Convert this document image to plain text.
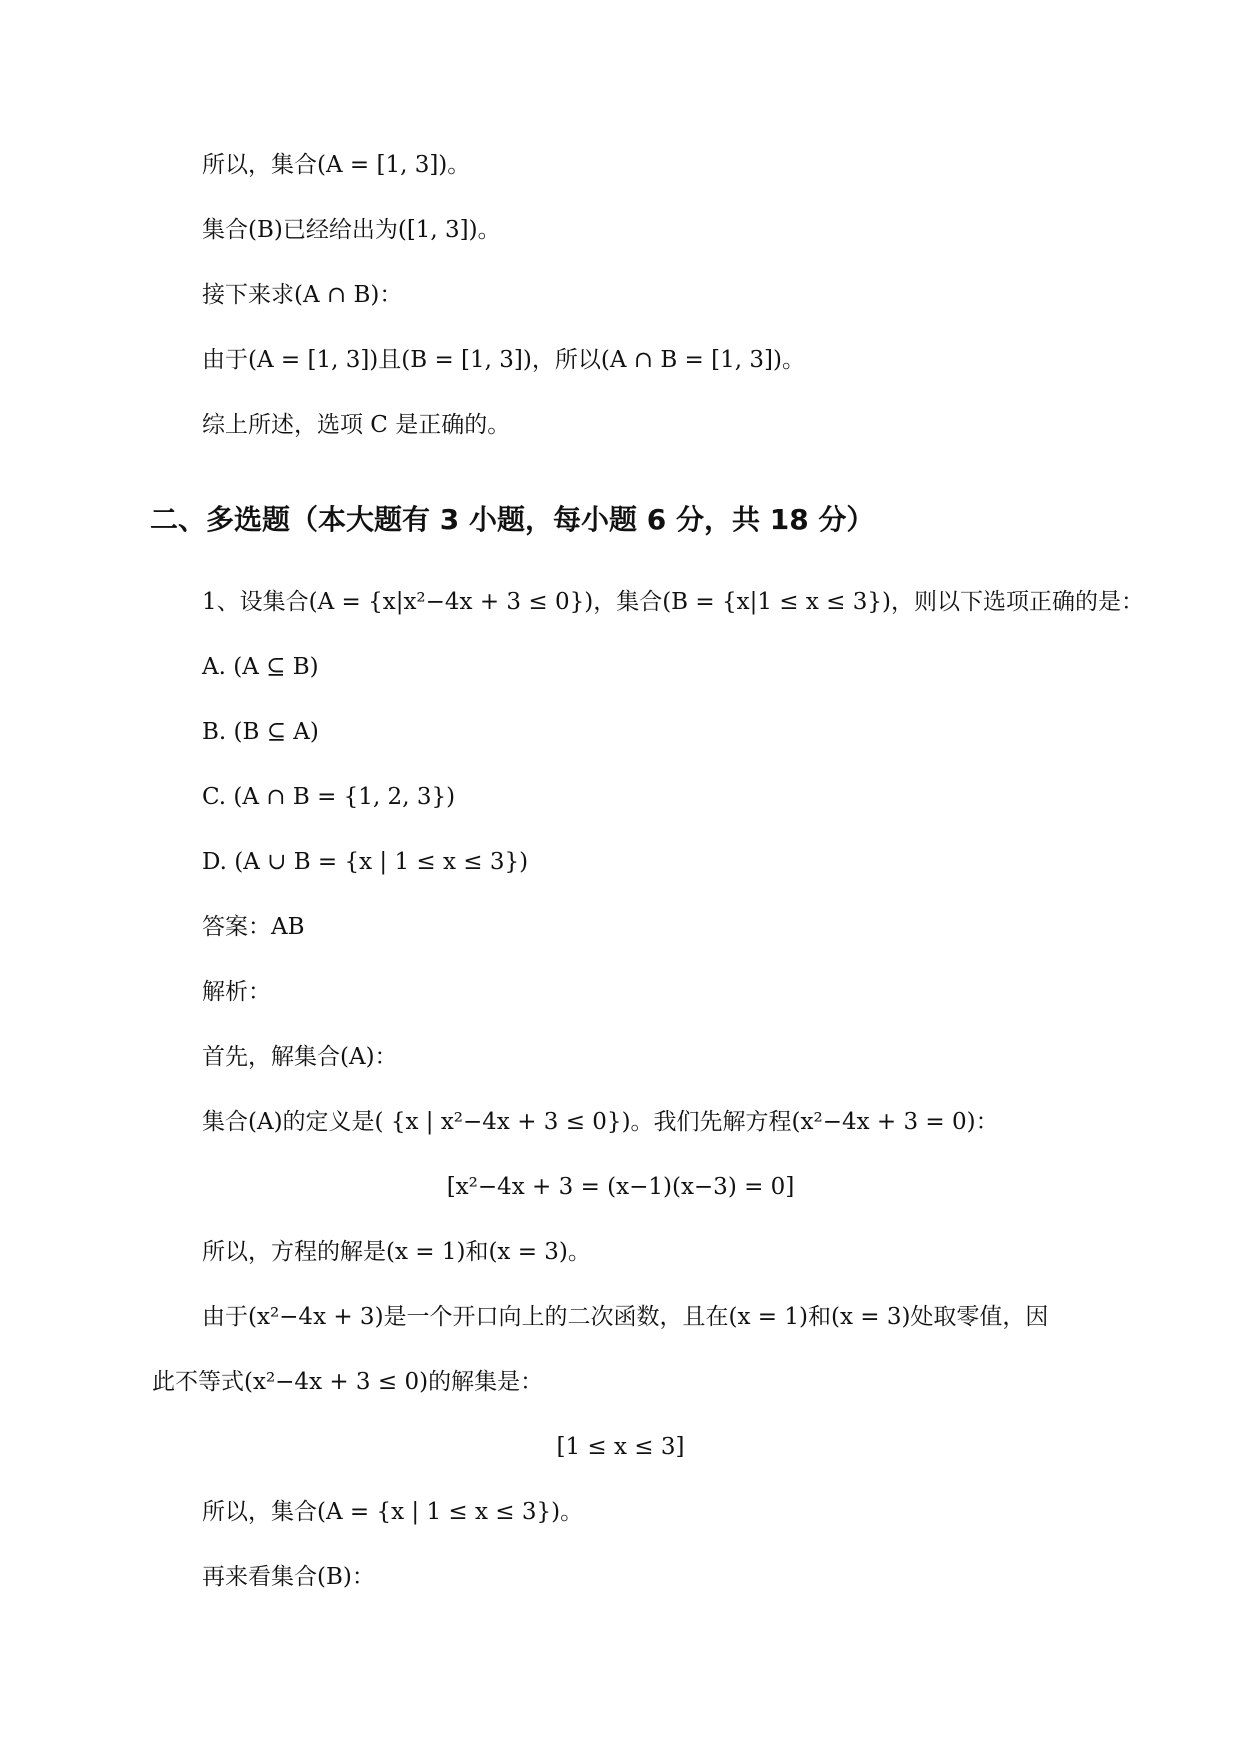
所以，集合(A = [1, 3])。
集合(B)已经给出为([1, 3])。
接下来求(A ∩ B)：
由于(A = [1, 3])且(B = [1, 3])，所以(A ∩ B = [1, 3])。
综上所述，选项 C 是正确的。
二、多选题（本大题有 3 小题，每小题 6 分，共 18 分）
1、设集合(A = {x|x²−4x + 3 ≤ 0})，集合(B = {x|1 ≤ x ≤ 3})，则以下选项正确的是：
A. (A ⊆ B)
B. (B ⊆ A)
C. (A ∩ B = {1, 2, 3})
D. (A ∪ B = {x | 1 ≤ x ≤ 3})
答案：AB
解析：
首先，解集合(A)：
集合(A)的定义是( {x | x²−4x + 3 ≤ 0})。我们先解方程(x²−4x + 3 = 0)：
[x²−4x + 3 = (x−1)(x−3) = 0]
所以，方程的解是(x = 1)和(x = 3)。
由于(x²−4x + 3)是一个开口向上的二次函数，且在(x = 1)和(x = 3)处取零值，因
此不等式(x²−4x + 3 ≤ 0)的解集是：
[1 ≤ x ≤ 3]
所以，集合(A = {x | 1 ≤ x ≤ 3})。
再来看集合(B)：
